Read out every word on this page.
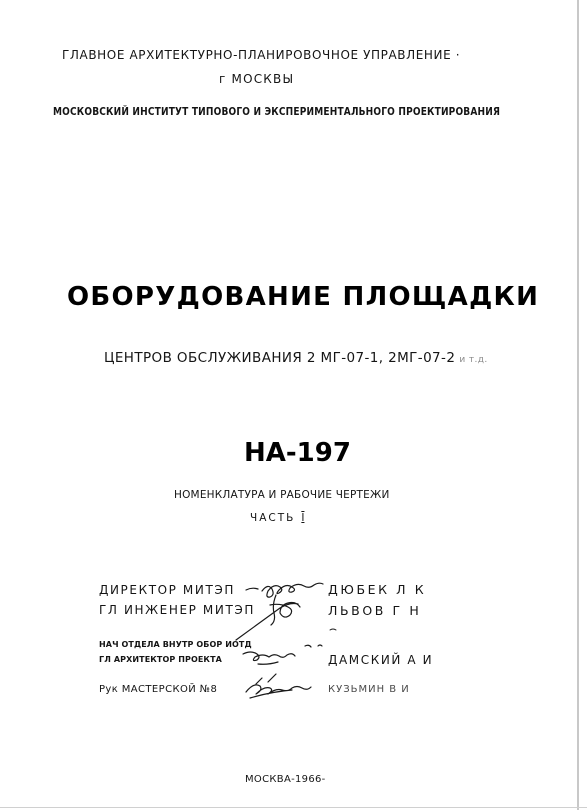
ГЛАВНОЕ АРХИТЕКТУРНО-ПЛАНИРОВОЧНОЕ УПРАВЛЕНИЕ ·
г МОСКВЫ
МОСКОВСКИЙ ИНСТИТУТ ТИПОВОГО И ЭКСПЕРИМЕНТАЛЬНОГО ПРОЕКТИРОВАНИЯ
ОБОРУДОВАНИЕ ПЛОЩАДКИ
ЦЕНТРОВ ОБСЛУЖИВАНИЯ 2 МГ-07-1, 2МГ-07-2 и т.д.
НА-197
НОМЕНКЛАТУРА И РАБОЧИЕ ЧЕРТЕЖИ
ЧАСТЬ I
ДИРЕКТОР МИТЭП
ГЛ ИНЖЕНЕР МИТЭП
НАЧ ОТДЕЛА ВНУТР ОБОР ИОТД
ГЛ АРХИТЕКТОР ПРОЕКТА
Рук МАСТЕРСКОЙ №8
ДЮБЕК Л К
ЛЬВОВ Г Н
ДАМСКИЙ А И
КУЗЬМИН В И
МОСКВА-1966-
